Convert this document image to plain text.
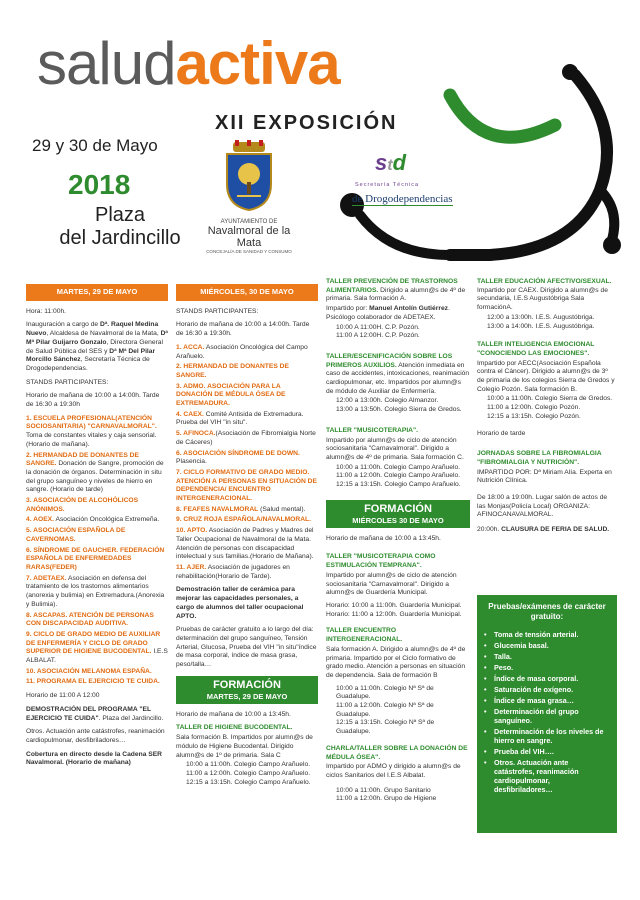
saludactiva
XII EXPOSICIÓN
29 y 30 de Mayo
2018
Plaza
del Jardincillo
AYUNTAMIENTO DE
Navalmoral de la Mata
CONCEJALÍA DE SANIDAD Y CONSUMO
std
Secretaría Técnica
de Drogodependencias
MARTES, 29 DE MAYO

Hora: 11:00h.

Inauguración a cargo de Dª. Raquel Medina Nuevo, Alcaldesa de Navalmoral de la Mata, Dª Mª Pilar Guijarro Gonzalo, Directora General de Salud Pública del SES y Dª Mª Del Pilar Morcillo Sánchez, Secretaría Técnica de Drogodependencias.

STANDS PARTICIPANTES:

Horario de mañana de 10:00 a 14:00h. Tarde de 16:30 a 19:30h

1. ESCUELA PROFESIONAL(ATENCIÓN SOCIOSANITARIA) "CARNAVALMORAL". Toma de constantes vitales y caja sensorial. (Horario de mañana).
2. HERMANDAD DE DONANTES DE SANGRE. Donación de Sangre, promoción de la donación de órganos. Determinación in situ del grupo sanguíneo y niveles de hierro en sangre. (Horario de tarde)
3. ASOCIACIÓN DE ALCOHÓLICOS ANÓNIMOS.
4. AOEX. Asociación Oncológica Extremeña.
5. ASOCIACIÓN ESPAÑOLA DE CAVERNOMAS.
6. SÍNDROME DE GAUCHER. FEDERACIÓN ESPAÑOLA DE ENFERMEDADES RARAS(FEDER)
7. ADETAEX. Asociación en defensa del tratamiento de los trastornos alimentarios (anorexia y bulimia) en Extremadura.(Anorexia y Bulimia).
8. ASCAPAS. ATENCIÓN DE PERSONAS CON DISCAPACIDAD AUDITIVA.
9. CICLO DE GRADO MEDIO DE AUXILIAR DE ENFERMERÍA Y CICLO DE GRADO SUPERIOR DE HIGIENE BUCODENTAL. I.E.S ALBALAT.
10. ASOCIACIÓN MELANOMA ESPAÑA.
11. PROGRAMA EL EJERCICIO TE CUIDA.

Horario de 11:00 A 12:00

DEMOSTRACIÓN DEL PROGRAMA "EL EJERCICIO TE CUIDA". Plaza del Jardincillo.

Otros. Actuación ante catástrofes, reanimación cardiopulmonar, desfibriladores…

Cobertura en directo desde la Cadena SER Navalmoral. (Horario de mañana)

MIÉRCOLES, 30 DE MAYO

STANDS PARTICIPANTES:

Horario de mañana de 10:00 a 14:00h. Tarde de 16:30 a 19:30h.

1. ACCA. Asociación Oncológica del Campo Arañuelo.
2. HERMANDAD DE DONANTES DE SANGRE.
3. ADMO. ASOCIACIÓN PARA LA DONACIÓN DE MÉDULA ÓSEA DE EXTREMADURA.
4. CAEX. Comité Antisida de Extremadura. Prueba del VIH "in situ".
5. AFINOCA.(Asociación de Fibromialgia Norte de Cáceres)
6. ASOCIACIÓN SÍNDROME DE DOWN. Plasencia.
7. CICLO FORMATIVO DE GRADO MEDIO. ATENCIÓN A PERSONAS EN SITUACIÓN DE DEPENDENCIA/ ENCUENTRO INTERGENERACIONAL.
8. FEAFES NAVALMORAL (Salud mental).
9. CRUZ ROJA ESPAÑOLA/NAVALMORAL.
10. APTO. Asociación de Padres y Madres del Taller Ocupacional de Navalmoral de la Mata. Atención de personas con discapacidad intelectual y sus familias.(Horario de Mañana).
11. AJER. Asociación de jugadores en rehabilitación(Horario de Tarde).

Demostración taller de cerámica para mejorar las capacidades personales, a cargo de alumnos del taller ocupacional APTO.

Pruebas de carácter gratuito a lo largo del día: determinación del grupo sanguíneo, Tensión Arterial, Glucosa, Prueba del VIH "in situ"índice de masa corporal, índice de masa grasa, peso/talla…

FORMACIÓN
MARTES, 29 DE MAYO

Horario de mañana de 10:00 a 13:45h.

TALLER DE HIGIENE BUCODENTAL.

Sala formación B. Impartidos por alumn@s de módulo de Higiene Bucodental. Dirigido alumn@s de 1º de primaria. Sala C

10:00 a 11:00h. Colegio Campo Arañuelo.
11:00 a 12:00h. Colegio Campo Arañuelo.
12:15 a 13:15h. Colegio Campo Arañuelo.

TALLER PREVENCIÓN DE TRASTORNOS ALIMENTARIOS. Dirigido a alumn@s de 4º de primaria. Sala formación A.

Impartido por: Manuel Antolín Gutiérrez. Psicólogo colaborador de ADETAEX.

10:00 A 11:00H. C.P. Pozón.
11:00 A 12:00H. C.P. Pozón.

TALLER/ESCENIFICACIÓN SOBRE LOS PRIMEROS AUXILIOS. Atención inmediata en caso de accidentes, intoxicaciones, reanimación cardiopulmonar, etc. Impartidos por alumn@s de módulo de Auxiliar de Enfermería.

12:00 a 13:00h. Colegio Almanzor.
13:00 a 13:50h. Colegio Sierra de Gredos.

TALLER "MUSICOTERAPIA".

Impartido por alumn@s de ciclo de atención sociosanitaria "Carnavalmoral". Dirigido a alumn@s de 4º de primaria. Sala formación C.

10:00 a 11:00h. Colegio Campo Arañuelo.
11:00 a 12:00h. Colegio Campo Arañuelo.
12:15 a 13:15h. Colegio Campo Arañuelo.
FORMACIÓN
MIÉRCOLES 30 DE MAYO

Horario de mañana de 10:00 a 13:45h.

TALLER "MUSICOTERAPIA COMO ESTIMULACIÓN TEMPRANA".

Impartido por alumn@s de ciclo de atención sociosanitaria "Carnavalmoral". Dirigido a alumn@s de Guardería Municipal.

Horario: 10:00 a 11:00h. Guardería Municipal.
Horario: 11:00 a 12:00h. Guardería Municipal.

TALLER ENCUENTRO INTERGENERACIONAL.

Sala formación A. Dirigido a alumn@s de 4º de primaria. Impartido por el Ciclo formativo de grado medio. Atención a personas en situación de dependencia. Sala de formación B

10:00 a 11:00h. Colegio Nª Sª de Guadalupe.
11:00 a 12:00h. Colegio Nª Sª de Guadalupe.
12:15 a 13:15h. Colegio Nª Sª de Guadalupe.

CHARLA/TALLER SOBRE LA DONACIÓN DE MÉDULA ÓSEA".

Impartido por ADMO y dirigido a alumn@s de ciclos Sanitarios del I.E.S Albalat.

10:00 a 11:00h. Grupo Sanitario
11:00 a 12:00h. Grupo de Higiene

TALLER EDUCACIÓN AFECTIVO/SEXUAL. Impartido por CAEX. Dirigido a alumn@s de secundaria, I.E.S Augustóbriga Sala formaciónA.

12:00 a 13:00h. I.E.S. Augustóbriga.
13:00 a 14:00h. I.E.S. Augustóbriga.

TALLER INTELIGENCIA EMOCIONAL "CONOCIENDO LAS EMOCIONES".

Impartido por AECC(Asociación Española contra el Cáncer). Dirigido a alumn@s de 3º de primaria de los colegios Sierra de Gredos y Colegio Pozón. Sala formación B.

10:00 a 11:00h. Colegio Sierra de Gredos.
11:00 a 12:00h. Colegio Pozón.
12:15 a 13:15h. Colegio Pozón.

Horario de tarde

JORNADAS SOBRE LA FIBROMIALGIA "FIBROMIALGIA Y NUTRICIÓN".

IMPARTIDO POR: Dª Miriam Alía. Experta en Nutrición Clínica.

De 18:00 a 19:00h. Lugar salón de actos de las Monjas(Policía Local) ORGANIZA: AFINOCANAVALMORAL.

20:00h. CLAUSURA DE FERIA DE SALUD.

Pruebas/exámenes de carácter gratuito:
•	Toma de tensión arterial.
•	Glucemia basal.
•	Talla.
•	Peso.
•	Índice de masa corporal.
•	Saturación de oxígeno.
•	Índice de masa grasa…
•	Determinación del grupo sanguíneo.
•	Determinación de los niveles de hierro en sangre.
•	Prueba del VIH….
•	Otros. Actuación ante catástrofes, reanimación cardiopulmonar, desfibriladores…
